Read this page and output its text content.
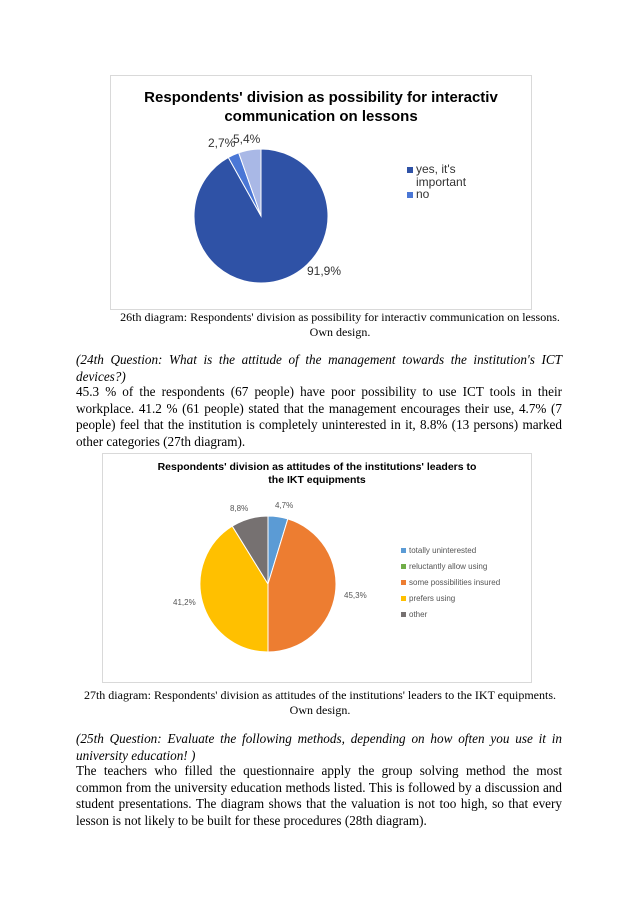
Respondents' division as possibility for interactiv
communication on lessons
91,9%
2,7%
5,4%
yes, it's
important
no
26th diagram: Respondents' division as possibility for interactiv communication on lessons.
Own design.

(24th Question: What is the attitude of the management towards the institution's ICT devices?)

45.3 % of the respondents (67 people) have poor possibility to use ICT tools in their workplace. 41.2 % (61 people) stated that the management encourages their use, 4.7% (7 people) feel that the institution is completely uninterested in it, 8.8% (13 persons) marked other categories (27th diagram).

Respondents' division as attitudes of the institutions' leaders to
the IKT equipments
4,7%
45,3%
41,2%
8,8%
totally uninterested
reluctantly allow using
some possibilities insured
prefers using
other
27th diagram: Respondents' division as attitudes of the institutions' leaders to the IKT equipments.
Own design.

(25th Question: Evaluate the following methods, depending on how often you use it in university education! )

The teachers who filled the questionnaire apply the group solving method the most common from the university education methods listed. This is followed by a discussion and student presentations. The diagram shows that the valuation is not too high, so that every lesson is not likely to be built for these procedures (28th diagram).
